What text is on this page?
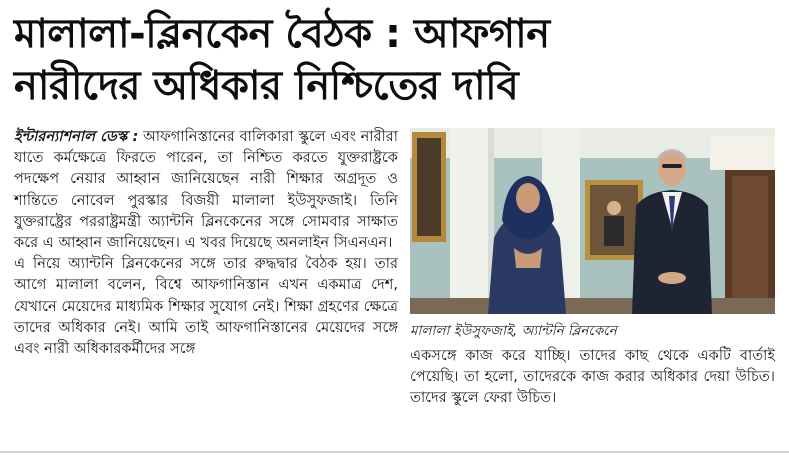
মালালা-ব্লিনকেন বৈঠক : আফগান
নারীদের অধিকার নিশ্চিতের দাবি

ইন্টারন্যাশনাল ডেস্ক : আফগানিস্তানের বালিকারা স্কুলে এবং নারীরা যাতে কর্মক্ষেত্রে ফিরতে পারেন, তা নিশ্চিত করতে যুক্তরাষ্ট্রকে পদক্ষেপ নেয়ার আহ্বান জানিয়েছেন নারী শিক্ষার অগ্রদূত ও শান্তিতে নোবেল পুরস্কার বিজয়ী মালালা ইউসুফজাই। তিনি যুক্তরাষ্ট্রের পররাষ্ট্রমন্ত্রী অ্যান্টনি ব্লিনকেনের সঙ্গে সোমবার সাক্ষাত করে এ আহ্বান জানিয়েছেন। এ খবর দিয়েছে অনলাইন সিএনএন।

এ নিয়ে অ্যান্টনি ব্লিনকেনের সঙ্গে তার রুদ্ধদ্বার বৈঠক হয়। তার আগে মালালা বলেন, বিশ্বে আফগানিস্তান এখন একমাত্র দেশ, যেখানে মেয়েদের মাধ্যমিক শিক্ষার সুযোগ নেই। শিক্ষা গ্রহণের ক্ষেত্রে তাদের অধিকার নেই। আমি তাই আফগানিস্তানের মেয়েদের সঙ্গে এবং নারী অধিকারকর্মীদের সঙ্গে

মালালা ইউসুফজাই, অ্যান্টনি ব্লিনকেনে

একসঙ্গে কাজ করে যাচ্ছি। তাদের কাছ থেকে একটি বার্তাই পেয়েছি। তা হলো, তাদেরকে কাজ করার অধিকার দেয়া উচিত। তাদের স্কুলে ফেরা উচিত।
